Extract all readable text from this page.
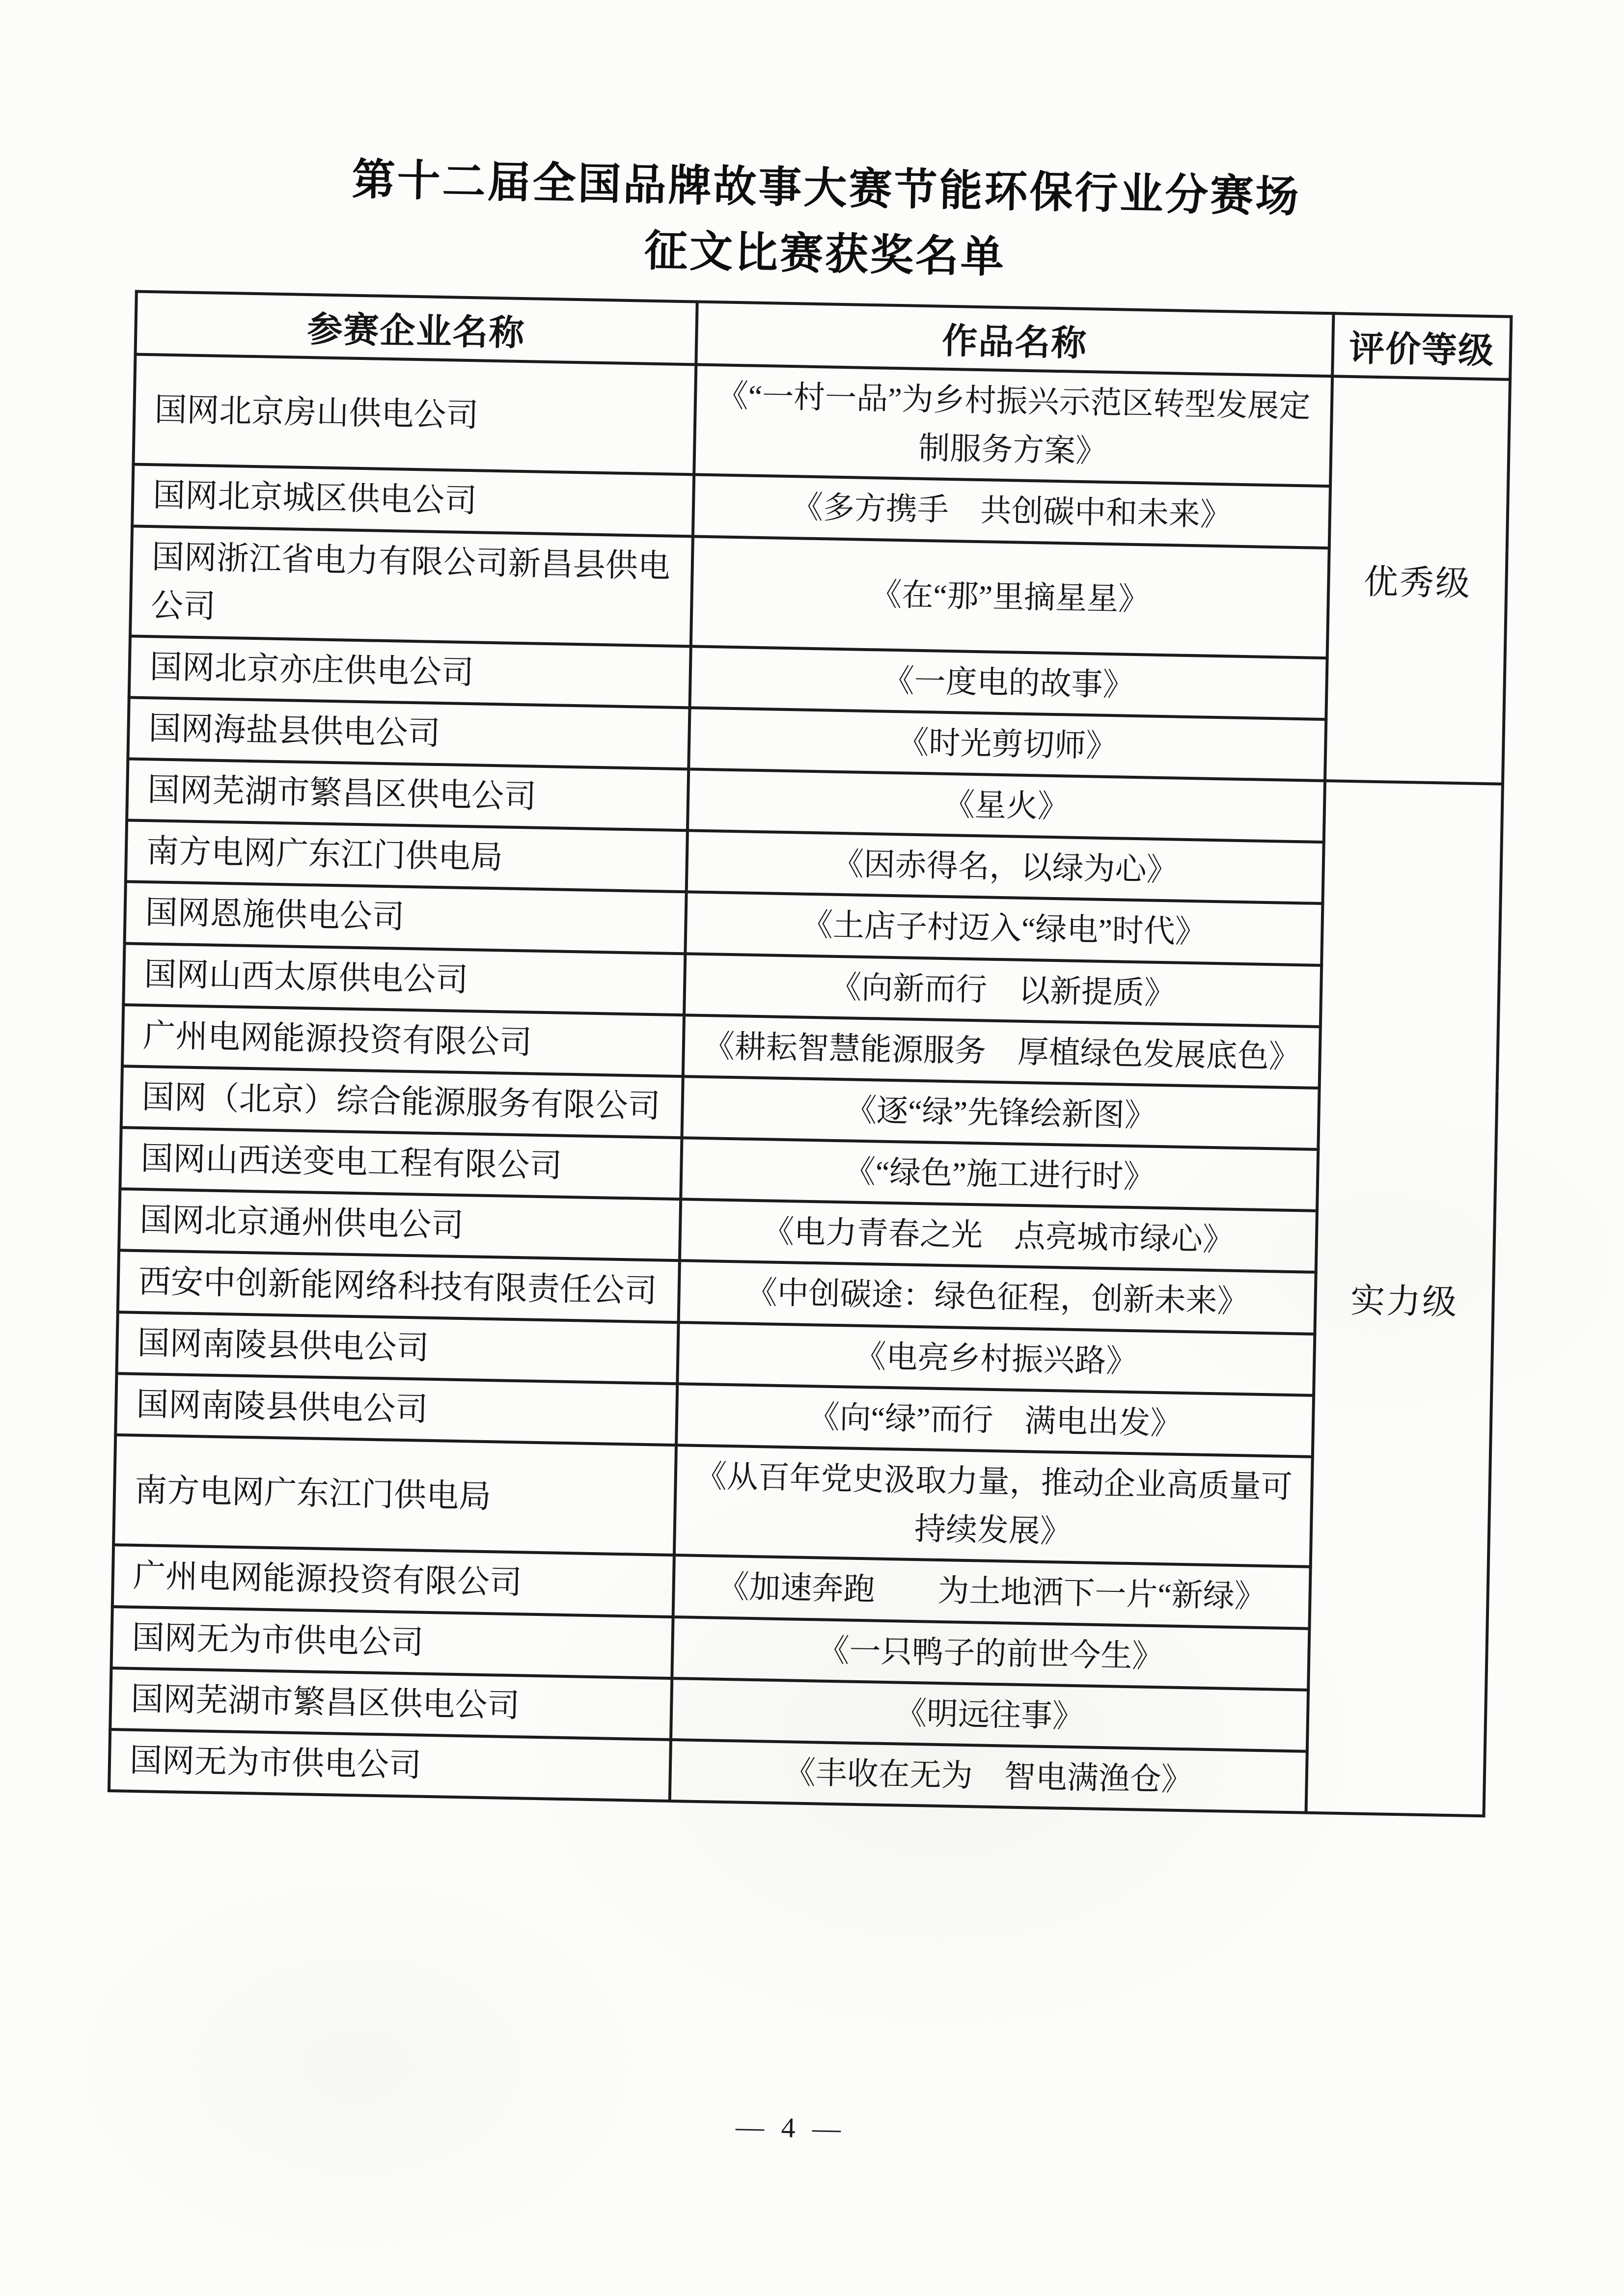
第十二届全国品牌故事大赛节能环保行业分赛场
征文比赛获奖名单
参赛企业名称	作品名称	评价等级
国网北京房山供电公司	《“一村一品”为乡村振兴示范区转型发展定制服务方案》	优秀级
国网北京城区供电公司	《多方携手　共创碳中和未来》	
国网浙江省电力有限公司新昌县供电公司	《在“那”里摘星星》	
国网北京亦庄供电公司	《一度电的故事》	
国网海盐县供电公司	《时光剪切师》	
国网芜湖市繁昌区供电公司	《星火》	实力级
南方电网广东江门供电局	《因赤得名，以绿为心》	
国网恩施供电公司	《土店子村迈入“绿电”时代》	
国网山西太原供电公司	《向新而行　以新提质》	
广州电网能源投资有限公司	《耕耘智慧能源服务　厚植绿色发展底色》	
国网（北京）综合能源服务有限公司	《逐“绿”先锋绘新图》	
国网山西送变电工程有限公司	《“绿色”施工进行时》	
国网北京通州供电公司	《电力青春之光　点亮城市绿心》	
西安中创新能网络科技有限责任公司	《中创碳途：绿色征程，创新未来》	
国网南陵县供电公司	《电亮乡村振兴路》	
国网南陵县供电公司	《向“绿”而行　满电出发》	
南方电网广东江门供电局	《从百年党史汲取力量，推动企业高质量可持续发展》	
广州电网能源投资有限公司	《加速奔跑　　为土地洒下一片“新绿》	
国网无为市供电公司	《一只鸭子的前世今生》	
国网芜湖市繁昌区供电公司	《明远往事》	
国网无为市供电公司	《丰收在无为　智电满渔仓》	
— 4 —
